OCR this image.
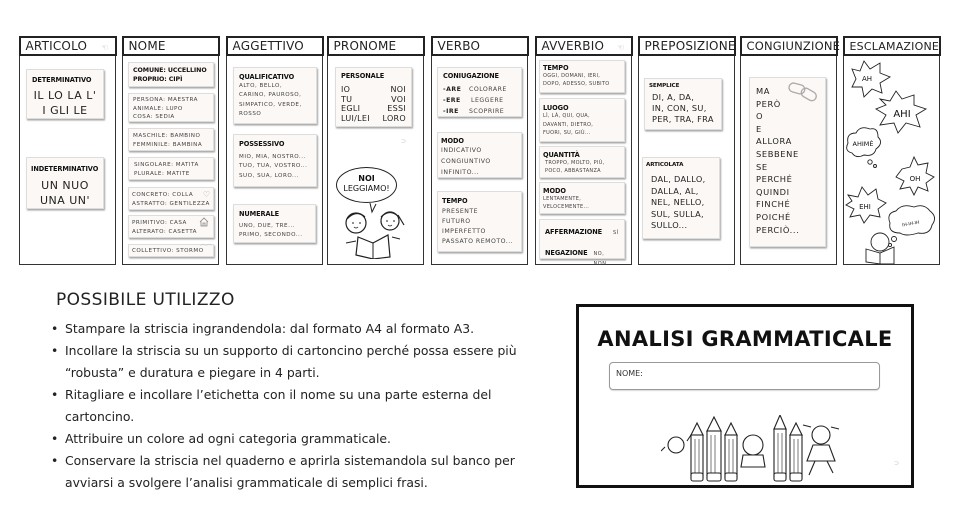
ARTICOLO ☜
DETERMINATIVO
IL LO LA L'
I GLI LE
INDETERMINATIVO
UN NUO
UNA UN'
NOME
COMUNE: UCCELLINO
PROPRIO: CIPÌ
PERSONA: MAESTRA
ANIMALE: LUPO
COSA: SEDIA
MASCHILE: BAMBINO
FEMMINILE: BAMBINA
SINGOLARE: MATITA
PLURALE: MATITE
CONCRETO: COLLA
ASTRATTO: GENTILEZZA
♡
PRIMITIVO: CASA
ALTERATO: CASETTA
COLLETTIVO: STORMO
⌒⌒
AGGETTIVO
QUALIFICATIVO
ALTO, BELLO,
CARINO, PAUROSO,
SIMPATICO, VERDE,
ROSSO
POSSESSIVO
MIO, MIA, NOSTRO...
TUO, TUA, VOSTRO...
SUO, SUA, LORO...
NUMERALE
UNO, DUE, TRE...
PRIMO, SECONDO...
PRONOME
PERSONALE
IO	NOI
TU	VOI
EGLI	ESSI
LUI/LEI LORO
⊃
NOI
LEGGIAMO!
VERBO
CONIUGAZIONE
-ARE	COLORARE
-ERE	LEGGERE
-IRE	SCOPRIRE
MODO
INDICATIVO
CONGIUNTIVO
INFINITO...
TEMPO
PRESENTE
FUTURO
IMPERFETTO
PASSATO REMOTO...
AVVERBIO ☜
TEMPO
OGGI, DOMANI, IERI,
DOPO, ADESSO, SUBITO
LUOGO
LÌ, LÀ, QUI, QUA,
DAVANTI, DIETRO,
FUORI, SU, GIÙ...
QUANTITÀ
TROPPO, MOLTO, PIÙ,
POCO, ABBASTANZA
MODO
LENTAMENTE,
VELOCEMENTE...
AFFERMAZIONE SÌ
NEGAZIONE NO, NON
PREPOSIZIONE
SEMPLICE
DI, A, DA,
IN, CON, SU,
PER, TRA, FRA
ARTICOLATA
DAL, DALLO,
DALLA, AL,
NEL, NELLO,
SUL, SULLA,
SULLO...
CONGIUNZIONE
MA
PERÒ
O
E
ALLORA
SEBBENE
SE
PERCHÉ
QUINDI
FINCHÉ
POICHÉ
PERCIÒ...
ESCLAMAZIONE
AH
AHI
AHIMÈ
OH
EHI
IH-IH-IH
POSSIBILE UTILIZZO
• Stampare la striscia ingrandendola: dal formato A4 al formato A3.
• Incollare la striscia su un supporto di cartoncino perché possa essere più “robusta” e duratura e piegare in 4 parti.
• Ritagliare e incollare l’etichetta con il nome su una parte esterna del cartoncino.
• Attribuire un colore ad ogni categoria grammaticale.
• Conservare la striscia nel quaderno e aprirla sistemandola sul banco per avviarsi a svolgere l’analisi grammaticale di semplici frasi.
ANALISI GRAMMATICALE
NOME:
⊃
